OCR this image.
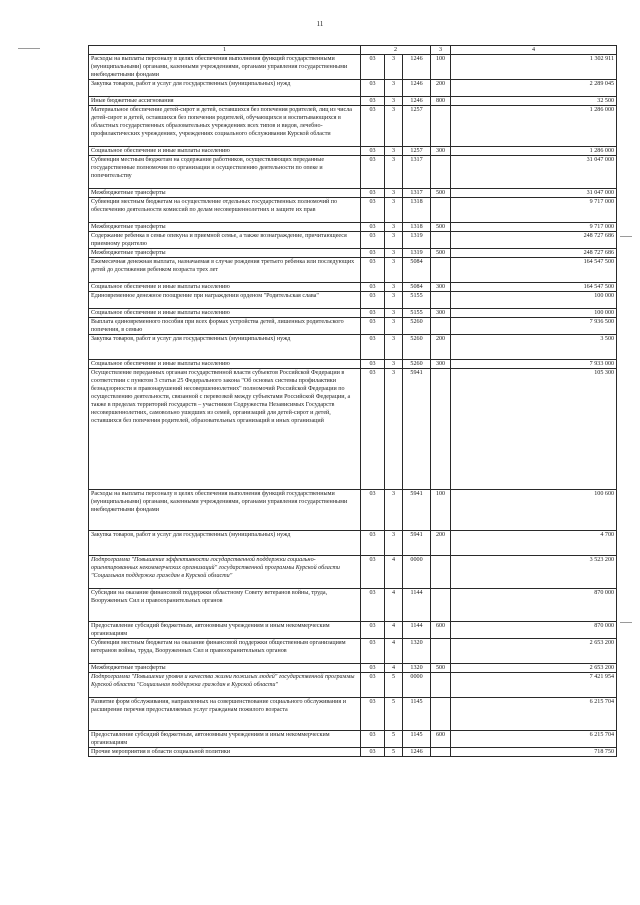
11
1	2			3	4
Расходы на выплаты персоналу в целях обеспечения выполнения функций государственными (муниципальными) органами, казенными учреждениями, органами управления государственными внебюджетными фондами	03	3	1246	100	1 302 911
Закупка товаров, работ и услуг для государственных (муниципальных) нужд	03	3	1246	200	2 289 045
Иные бюджетные ассигнования	03	3	1246	800	32 500
Материальное обеспечение детей-сирот и детей, оставшихся без попечения родителей, лиц из числа детей-сирот и детей, оставшихся без попечения родителей, обучающихся и воспитывающихся в областных государственных образовательных учреждениях всех типов и видов, лечебно-профилактических учреждениях, учреждениях социального обслуживания Курской области	03	3	1257		1 286 000
Социальное обеспечение и иные выплаты населению	03	3	1257	300	1 286 000
Субвенция местным бюджетам на содержание работников, осуществляющих переданные государственные полномочия по организации и осуществлению деятельности по опеке и попечительству	03	3	1317		31 047 000
Межбюджетные трансферты	03	3	1317	500	31 047 000
Субвенции местным бюджетам на осуществление отдельных государственных полномочий по обеспечению деятельности комиссий по делам несовершеннолетних и защите их прав	03	3	1318		9 717 000
Межбюджетные трансферты	03	3	1318	500	9 717 000
Содержание ребенка в семье опекуна и приемной семье, а также вознаграждение, причитающееся приемному родителю	03	3	1319		248 727 686
Межбюджетные трансферты	03	3	1319	500	248 727 686
Ежемесячная денежная выплата, назначаемая в случае рождения третьего ребенка или последующих детей до достижения ребенком возраста трех лет	03	3	5084		164 547 500
Социальное обеспечение и иные выплаты населению	03	3	5084	300	164 547 500
Единовременное денежное поощрение при награждении орденом "Родительская слава"	03	3	5155		100 000
Социальное обеспечение и иные выплаты населению	03	3	5155	300	100 000
Выплата единовременного пособия при всех формах устройства детей, лишенных родительского попечения, в семью	03	3	5260		7 936 500
Закупка товаров, работ и услуг для государственных (муниципальных) нужд	03	3	5260	200	3 500
Социальное обеспечение и иные выплаты населению	03	3	5260	300	7 933 000
Осуществление переданных органам государственной власти субъектов Российской Федерации в соответствии с пунктом 3 статьи 25 Федерального закона "Об основах системы профилактики безнадзорности и правонарушений несовершеннолетних" полномочий Российской Федерации по осуществлению деятельности, связанной с перевозкой между субъектами Российской Федерации, а также в пределах территорий государств – участников Содружества Независимых Государств несовершеннолетних, самовольно ушедших из семей, организаций для детей-сирот и детей, оставшихся без попечения родителей, образовательных организаций и иных организаций	03	3	5941		105 300
Расходы на выплаты персоналу в целях обеспечения выполнения функций государственными (муниципальными) органами, казенными учреждениями, органами управления государственными внебюджетными фондами	03	3	5941	100	100 600
Закупка товаров, работ и услуг для государственных (муниципальных) нужд	03	3	5941	200	4 700
Подпрограмма "Повышение эффективности государственной поддержки социально-ориентированных некоммерческих организаций" государственной программы Курской области "Социальная поддержка граждан в Курской области"	03	4	0000		3 523 200
Субсидии на оказание финансовой поддержки областному Совету ветеранов войны, труда, Вооруженных Сил и правоохранительных органов	03	4	1144		870 000
Предоставление субсидий бюджетным, автономным учреждениям и иным некоммерческим организациям	03	4	1144	600	870 000
Субвенции местным бюджетам на оказание финансовой поддержки общественным организациям ветеранов войны, труда, Вооруженных Сил и правоохранительных органов	03	4	1320		2 653 200
Межбюджетные трансферты	03	4	1320	500	2 653 200
Подпрограмма "Повышение уровня и качества жизни пожилых людей" государственной программы Курской области "Социальная поддержка граждан в Курской области"	03	5	0000		7 421 954
Развитие форм обслуживания, направленных на совершенствование социального обслуживания и расширение перечня предоставляемых услуг гражданам пожилого возраста	03	5	1145		6 215 704
Предоставление субсидий бюджетным, автономным учреждениям и иным некоммерческим организациям	03	5	1145	600	6 215 704
Прочие мероприятия в области социальной политики	03	5	1246		718 750
